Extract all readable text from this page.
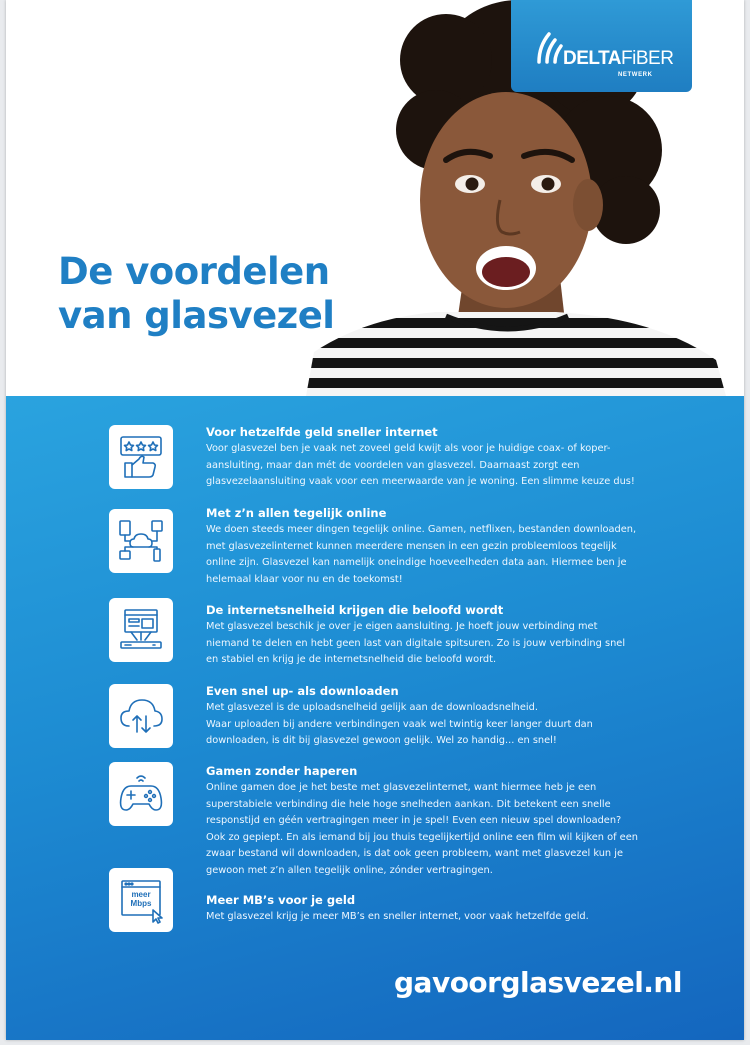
DELTAFiBER
NETWERK
De voordelen
van glasvezel
Voor hetzelfde geld sneller internet

Voor glasvezel ben je vaak net zoveel geld kwijt als voor je huidige coax- of koper-
aansluiting, maar dan mét de voordelen van glasvezel. Daarnaast zorgt een
glasvezelaansluiting vaak voor een meerwaarde van je woning. Een slimme keuze dus!

Met z’n allen tegelijk online

We doen steeds meer dingen tegelijk online. Gamen, netflixen, bestanden downloaden,
met glasvezelinternet kunnen meerdere mensen in een gezin probleemloos tegelijk
online zijn. Glasvezel kan namelijk oneindige hoeveelheden data aan. Hiermee ben je
helemaal klaar voor nu en de toekomst!

De internetsnelheid krijgen die beloofd wordt

Met glasvezel beschik je over je eigen aansluiting. Je hoeft jouw verbinding met
niemand te delen en hebt geen last van digitale spitsuren. Zo is jouw verbinding snel
en stabiel en krijg je de internetsnelheid die beloofd wordt.

Even snel up- als downloaden

Met glasvezel is de uploadsnelheid gelijk aan de downloadsnelheid.
Waar uploaden bij andere verbindingen vaak wel twintig keer langer duurt dan
downloaden, is dit bij glasvezel gewoon gelijk. Wel zo handig... en snel!

Gamen zonder haperen

Online gamen doe je het beste met glasvezelinternet, want hiermee heb je een
superstabiele verbinding die hele hoge snelheden aankan. Dit betekent een snelle
responstijd en géén vertragingen meer in je spel! Even een nieuw spel downloaden?
Ook zo gepiept. En als iemand bij jou thuis tegelijkertijd online een film wil kijken of een
zwaar bestand wil downloaden, is dat ook geen probleem, want met glasvezel kun je
gewoon met z’n allen tegelijk online, zónder vertragingen.

meer
Mbps	Meer MB’s voor je geld

Met glasvezel krijg je meer MB’s en sneller internet, voor vaak hetzelfde geld.

gavoorglasvezel.nl
